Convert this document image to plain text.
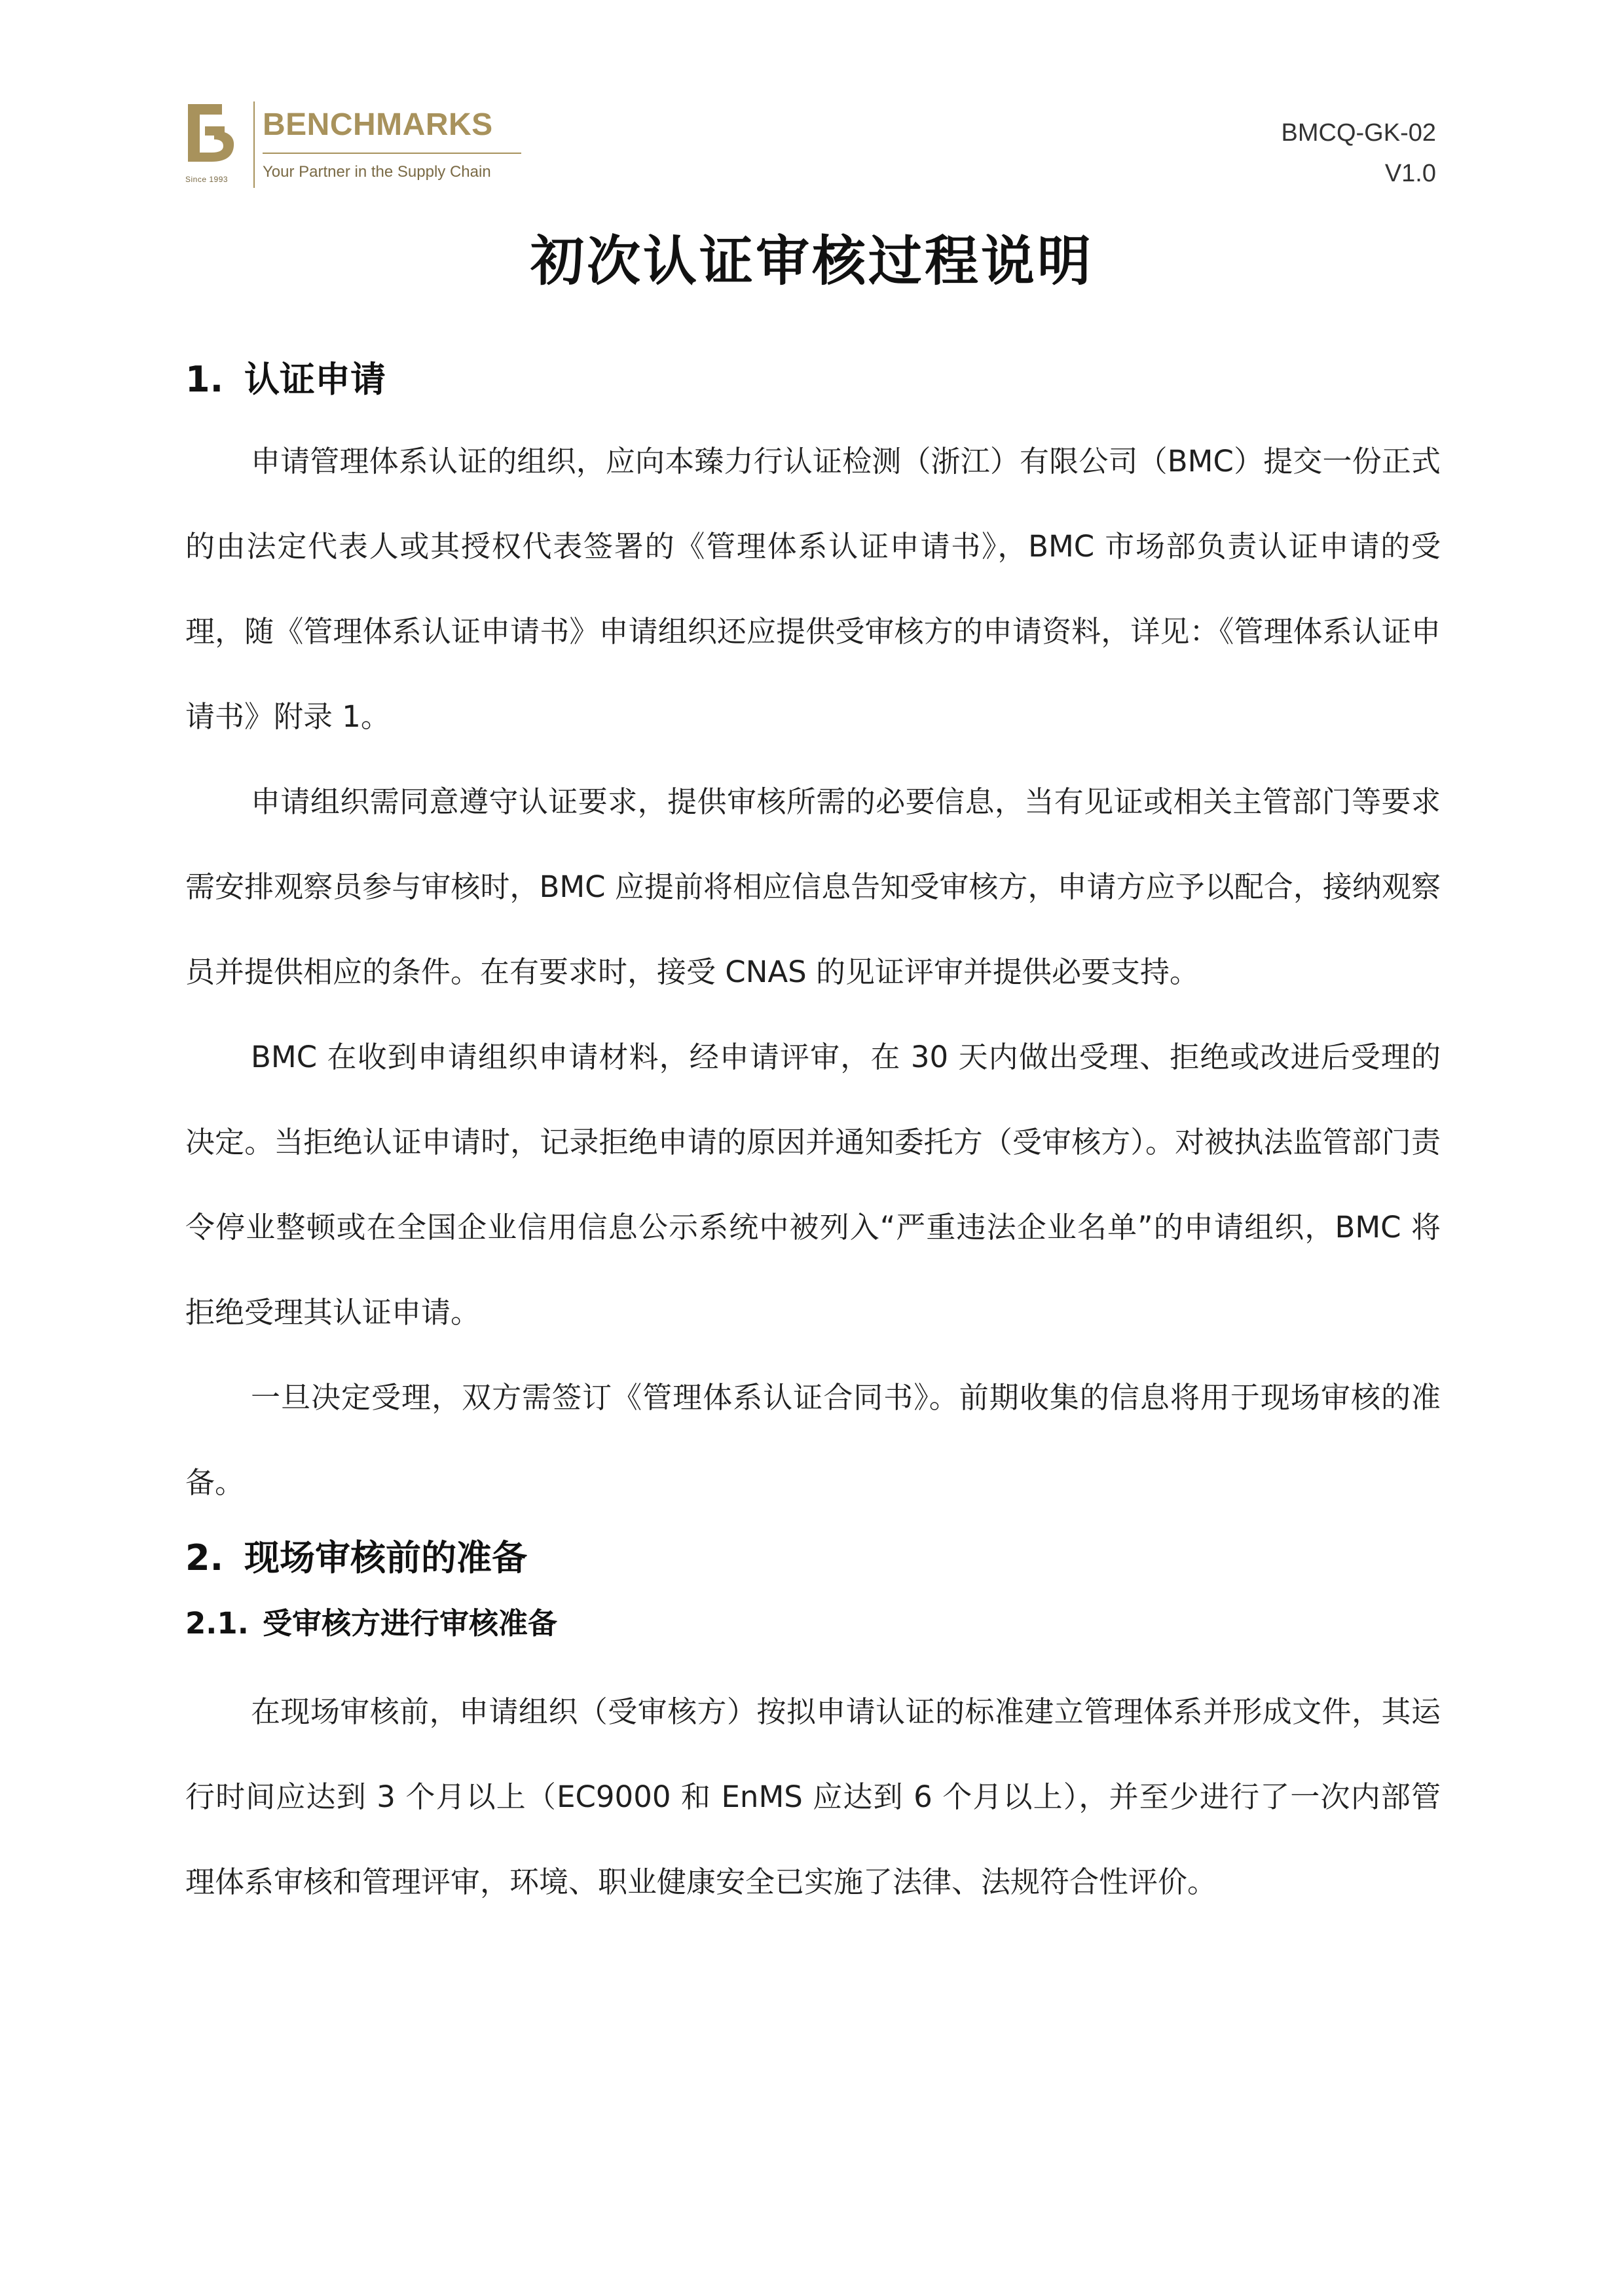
Since 1993
BENCHMARKS
Your Partner in the Supply Chain
BMCQ-GK-02
V1.0
初次认证审核过程说明
1. 认证申请

申请管理体系认证的组织，应向本臻力行认证检测（浙江）有限公司（BMC）提交一份正式的由法定代表人或其授权代表签署的《管理体系认证申请书》，BMC 市场部负责认证申请的受理，随《管理体系认证申请书》申请组织还应提供受审核方的申请资料，详见：《管理体系认证申请书》附录 1。

申请组织需同意遵守认证要求，提供审核所需的必要信息，当有见证或相关主管部门等要求需安排观察员参与审核时，BMC 应提前将相应信息告知受审核方，申请方应予以配合，接纳观察员并提供相应的条件。在有要求时，接受 CNAS 的见证评审并提供必要支持。

BMC 在收到申请组织申请材料，经申请评审，在 30 天内做出受理、拒绝或改进后受理的决定。当拒绝认证申请时，记录拒绝申请的原因并通知委托方（受审核方）。对被执法监管部门责令停业整顿或在全国企业信用信息公示系统中被列入“严重违法企业名单”的申请组织，BMC 将拒绝受理其认证申请。

一旦决定受理，双方需签订《管理体系认证合同书》。前期收集的信息将用于现场审核的准备。

2. 现场审核前的准备
2.1. 受审核方进行审核准备

在现场审核前，申请组织（受审核方）按拟申请认证的标准建立管理体系并形成文件，其运行时间应达到 3 个月以上（EC9000 和 EnMS 应达到 6 个月以上），并至少进行了一次内部管理体系审核和管理评审，环境、职业健康安全已实施了法律、法规符合性评价。
